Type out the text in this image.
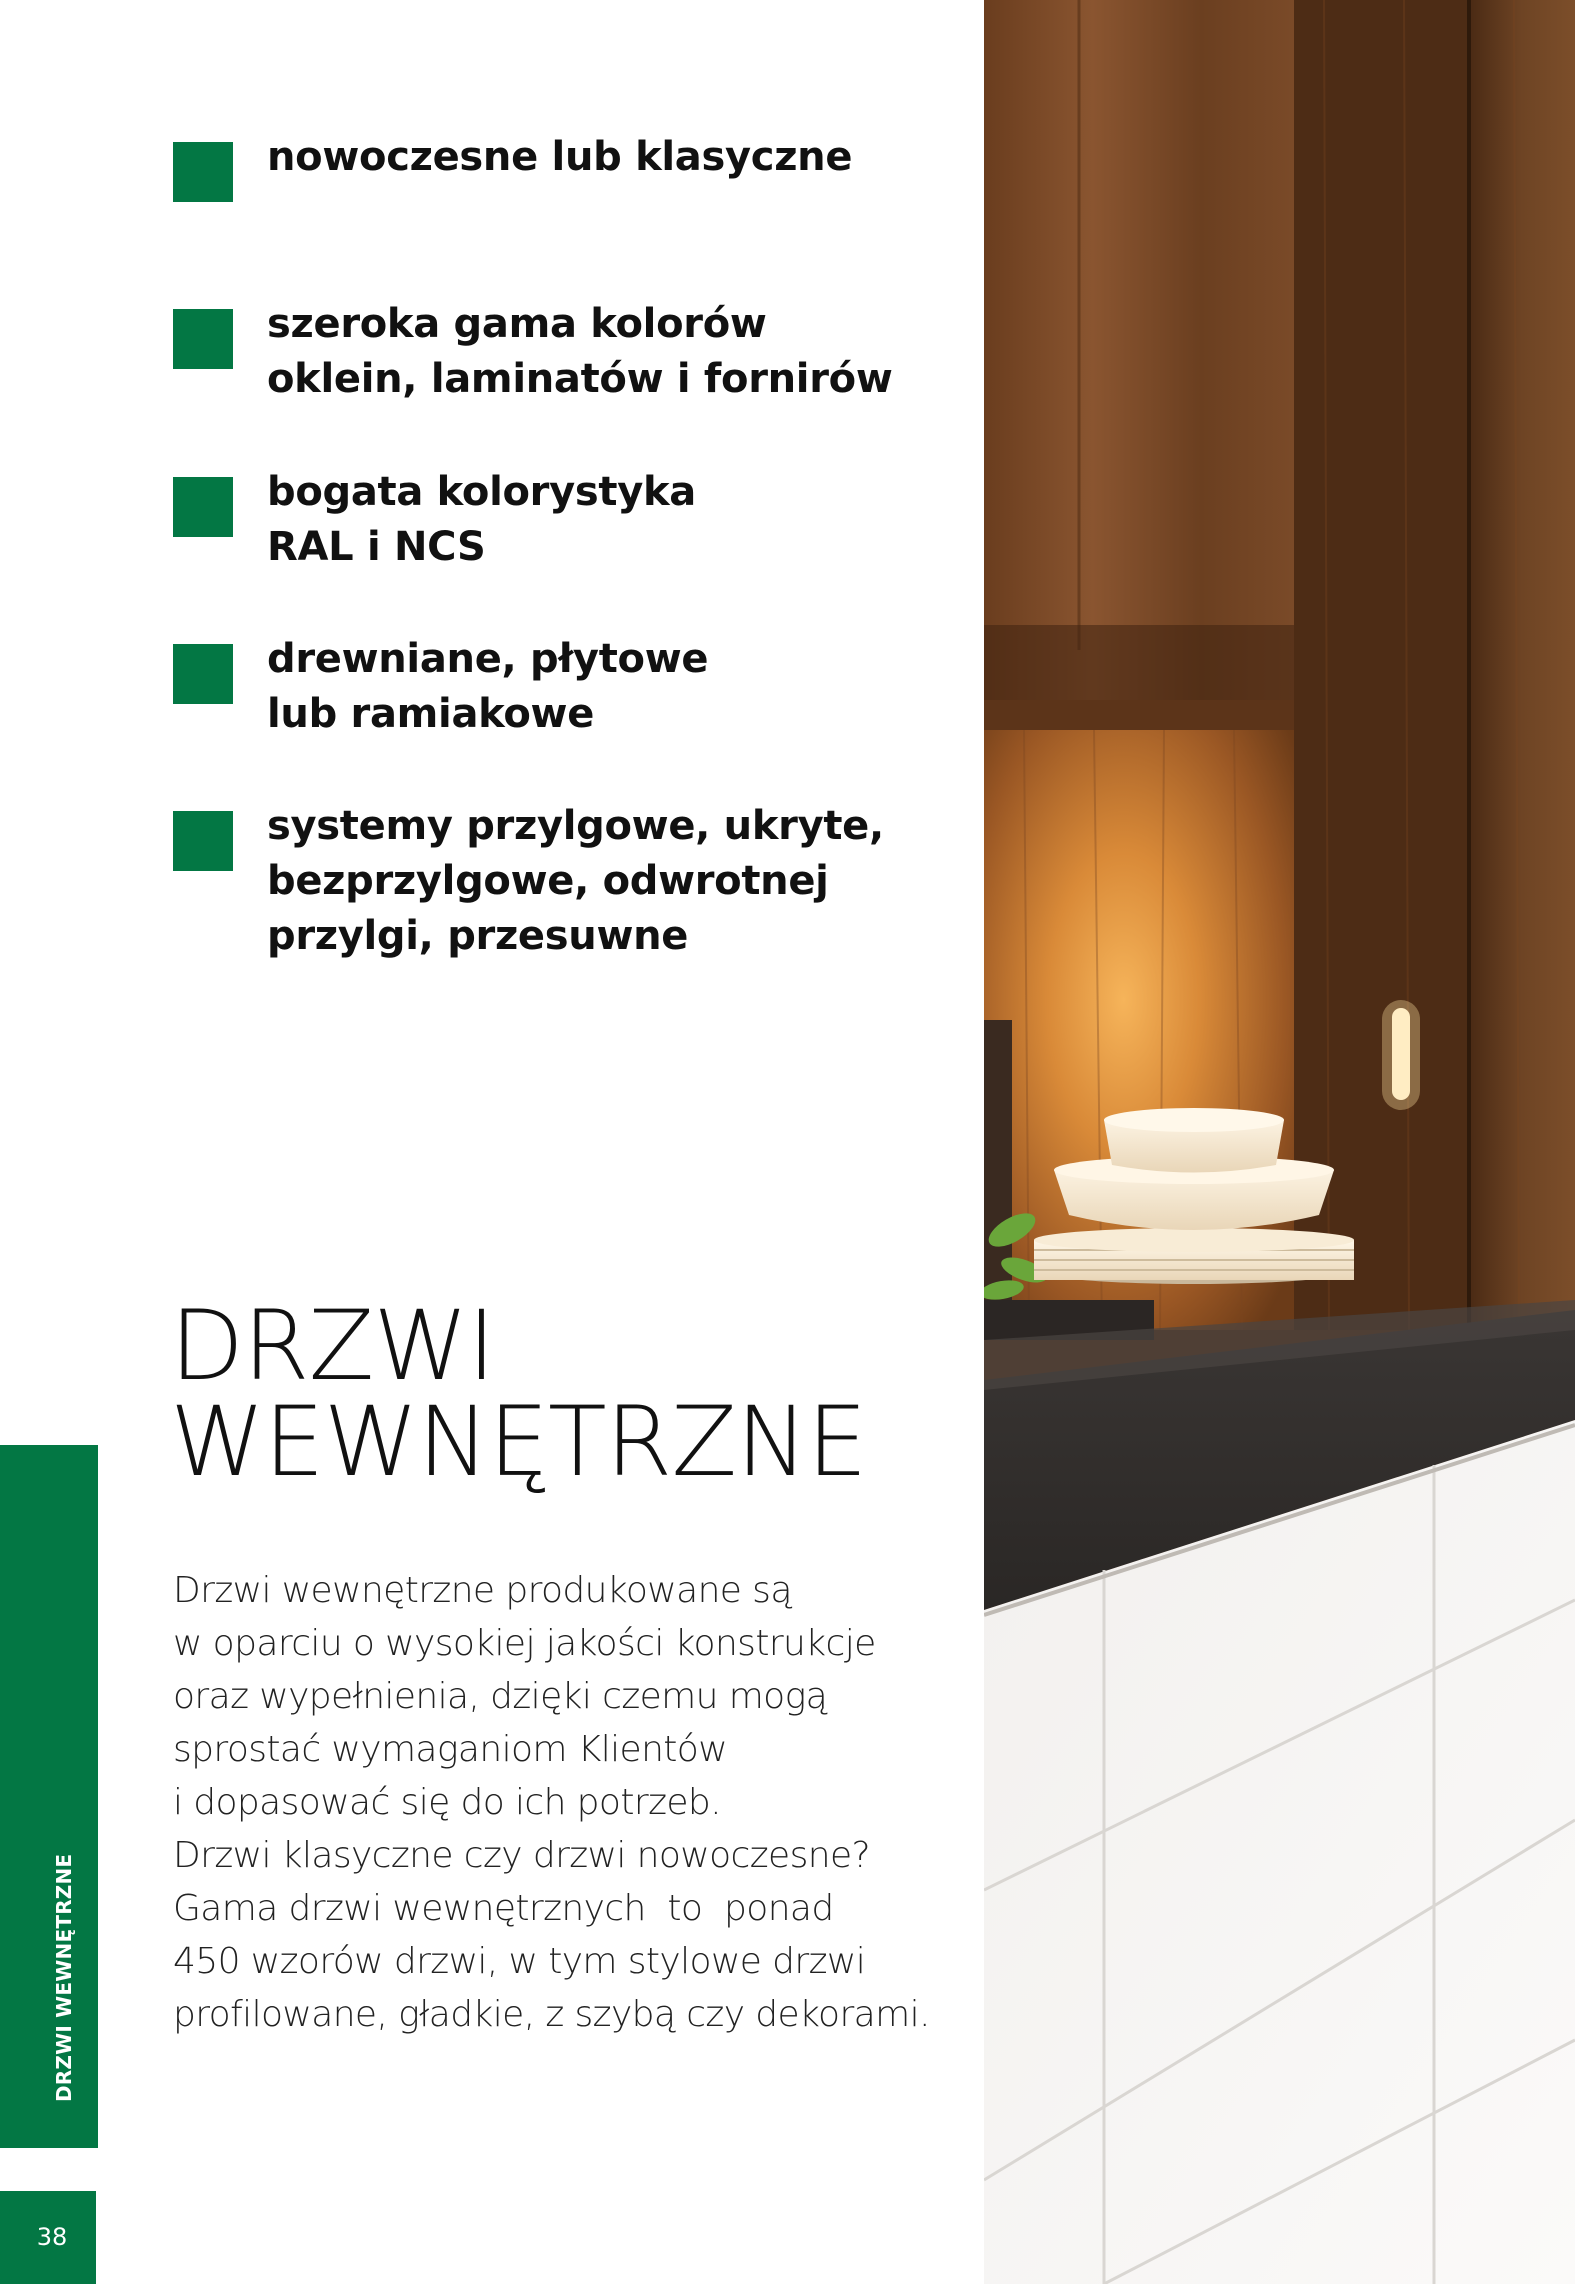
nowoczesne lub klasyczne
szeroka gama kolorów
oklein, laminatów i fornirów
bogata kolorystyka
RAL i NCS
drewniane, płytowe
lub ramiakowe
systemy przylgowe, ukryte,
bezprzylgowe, odwrotnej
przylgi, przesuwne
DRZWI
WEWNĘTRZNE
Drzwi wewnętrzne produkowane są
w oparciu o wysokiej jakości konstrukcje
oraz wypełnienia, dzięki czemu mogą
sprostać wymaganiom Klientów
i dopasować się do ich potrzeb.
Drzwi klasyczne czy drzwi nowoczesne?
Gama drzwi wewnętrznych  to  ponad
450 wzorów drzwi, w tym stylowe drzwi
profilowane, gładkie, z szybą czy dekorami.
DRZWI WEWNĘTRZNE
38
